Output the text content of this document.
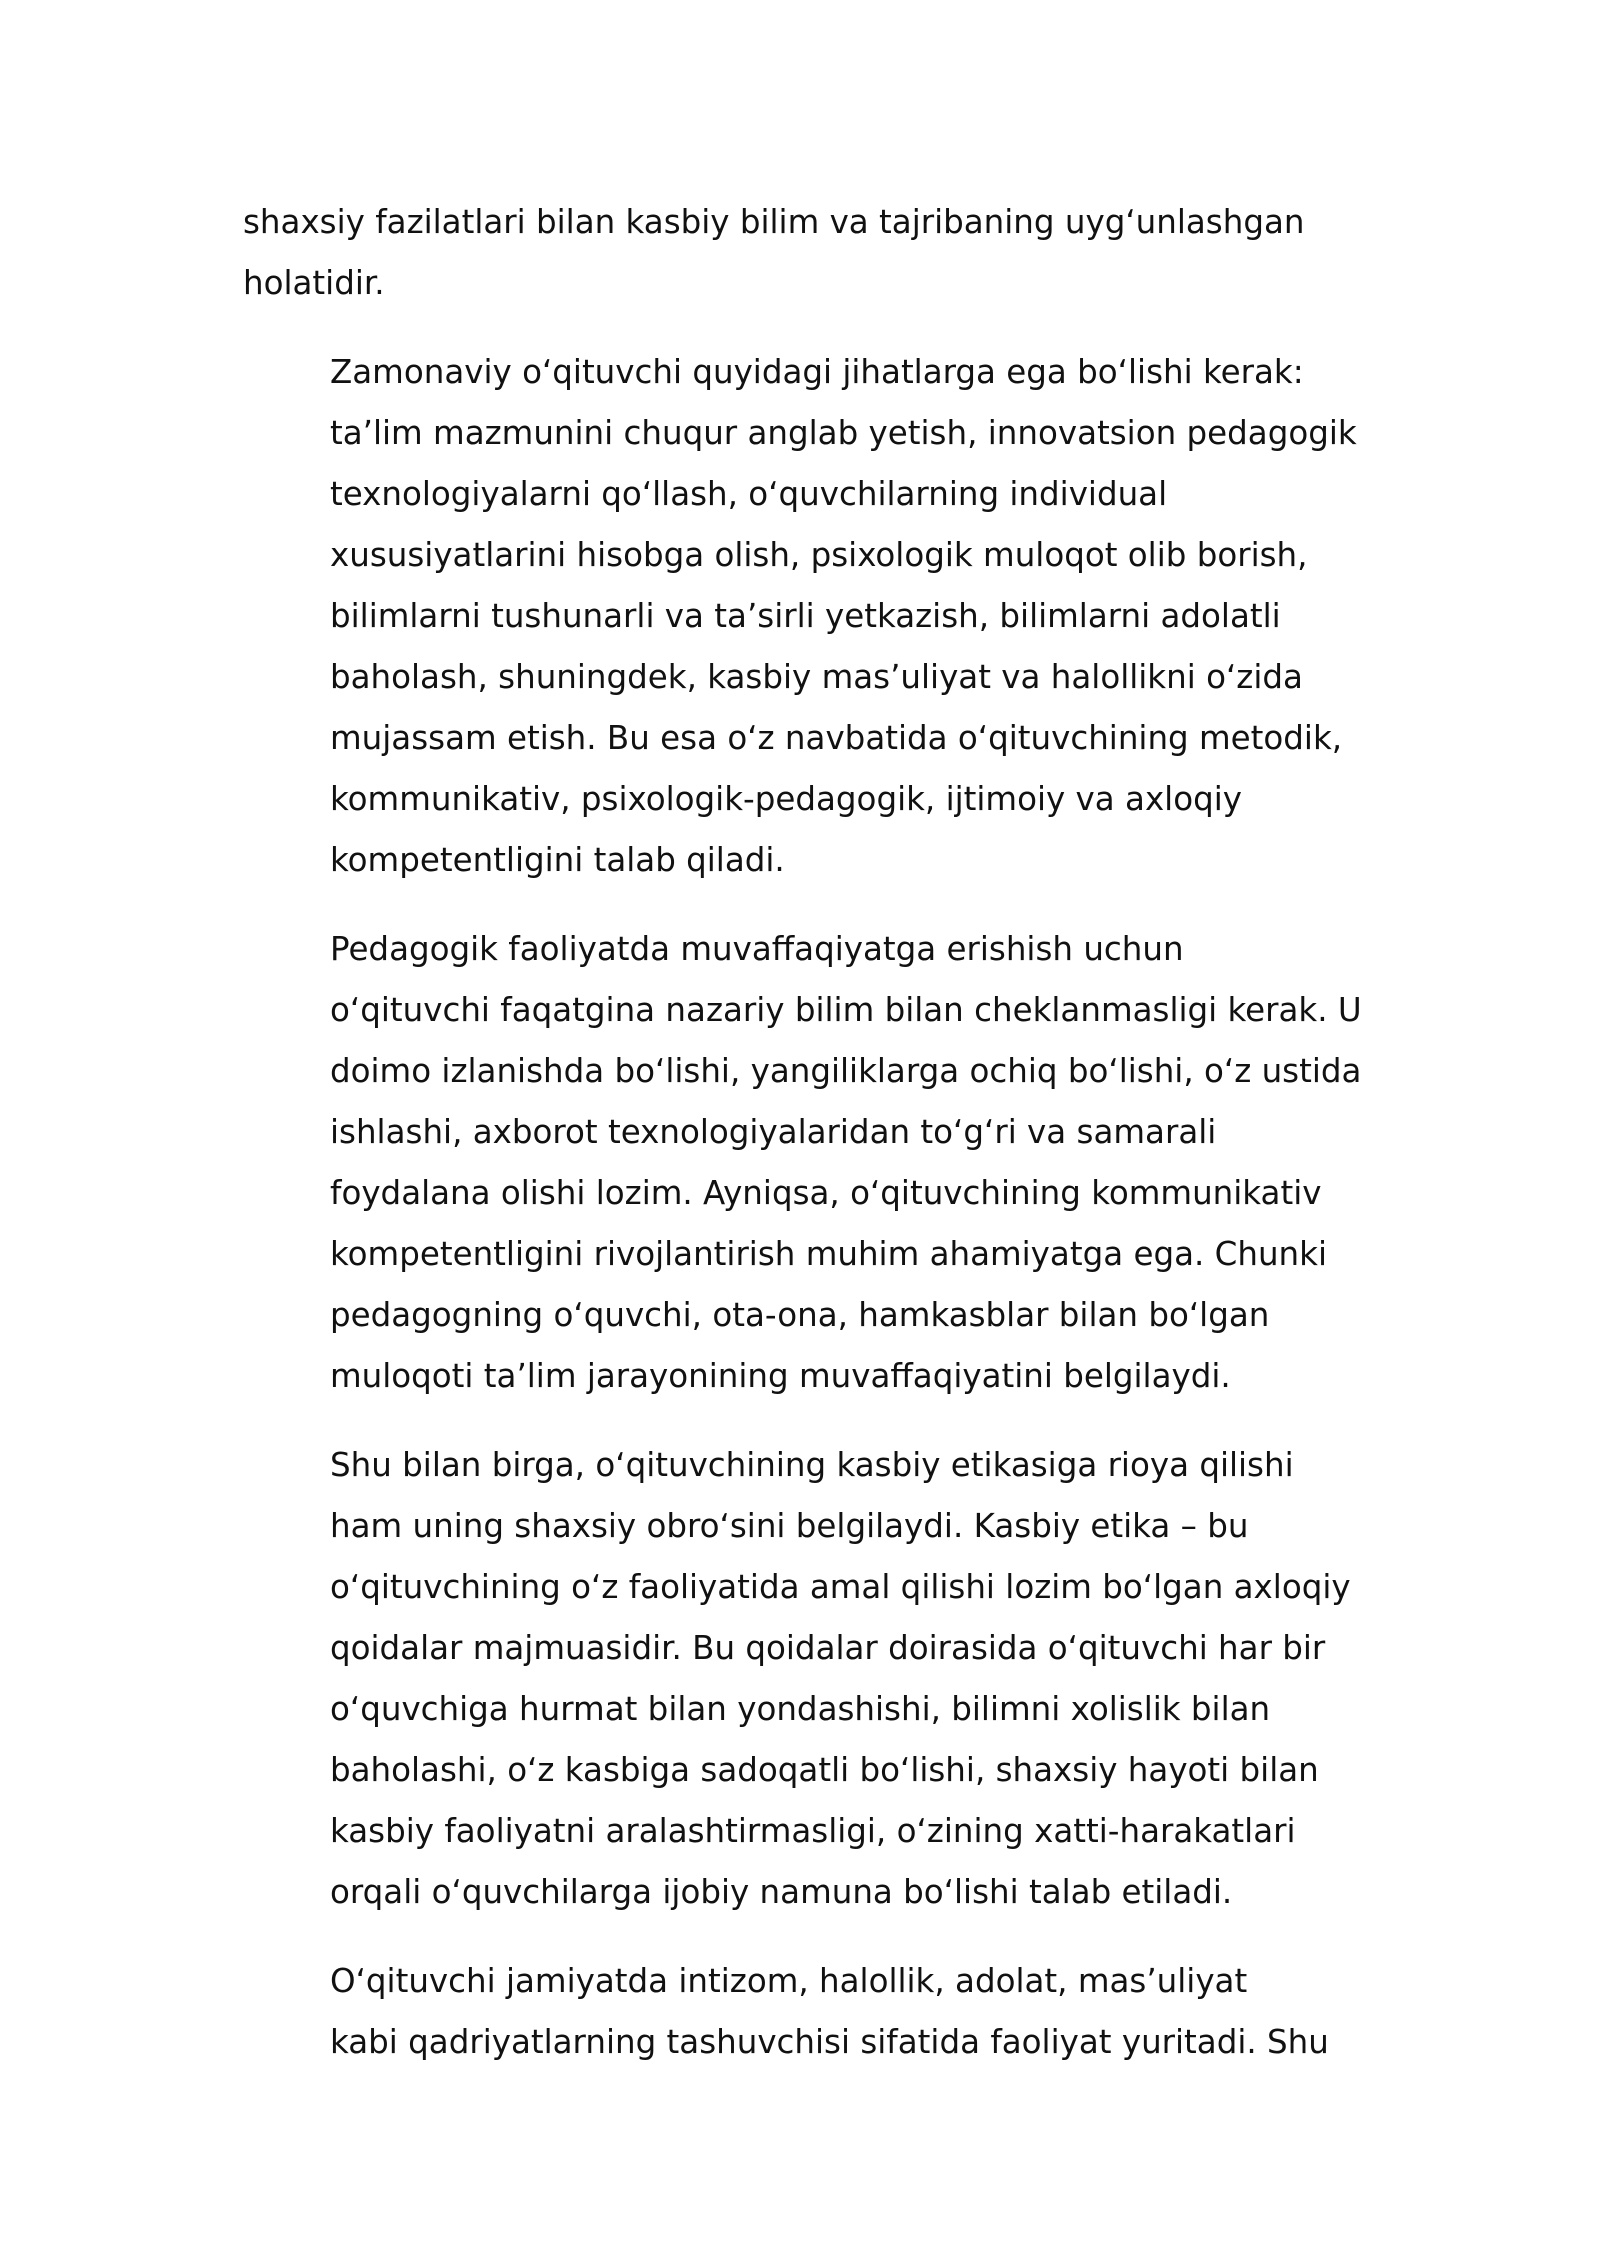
shaxsiy fazilatlari bilan kasbiy bilim va tajribaning uygʻunlashgan
holatidir.

Zamonaviy oʻqituvchi quyidagi jihatlarga ega boʻlishi kerak:
ta’lim mazmunini chuqur anglab yetish, innovatsion pedagogik
texnologiyalarni qoʻllash, oʻquvchilarning individual
xususiyatlarini hisobga olish, psixologik muloqot olib borish,
bilimlarni tushunarli va ta’sirli yetkazish, bilimlarni adolatli
baholash, shuningdek, kasbiy mas’uliyat va halollikni oʻzida
mujassam etish. Bu esa oʻz navbatida oʻqituvchining metodik,
kommunikativ, psixologik-pedagogik, ijtimoiy va axloqiy
kompetentligini talab qiladi.

Pedagogik faoliyatda muvaffaqiyatga erishish uchun
oʻqituvchi faqatgina nazariy bilim bilan cheklanmasligi kerak. U
doimo izlanishda boʻlishi, yangiliklarga ochiq boʻlishi, oʻz ustida
ishlashi, axborot texnologiyalaridan toʻgʻri va samarali
foydalana olishi lozim. Ayniqsa, oʻqituvchining kommunikativ
kompetentligini rivojlantirish muhim ahamiyatga ega. Chunki
pedagogning oʻquvchi, ota-ona, hamkasblar bilan boʻlgan
muloqoti ta’lim jarayonining muvaffaqiyatini belgilaydi.

Shu bilan birga, oʻqituvchining kasbiy etikasiga rioya qilishi
ham uning shaxsiy obroʻsini belgilaydi. Kasbiy etika – bu
oʻqituvchining oʻz faoliyatida amal qilishi lozim boʻlgan axloqiy
qoidalar majmuasidir. Bu qoidalar doirasida oʻqituvchi har bir
oʻquvchiga hurmat bilan yondashishi, bilimni xolislik bilan
baholashi, oʻz kasbiga sadoqatli boʻlishi, shaxsiy hayoti bilan
kasbiy faoliyatni aralashtirmasligi, oʻzining xatti-harakatlari
orqali oʻquvchilarga ijobiy namuna boʻlishi talab etiladi.

Oʻqituvchi jamiyatda intizom, halollik, adolat, mas’uliyat
kabi qadriyatlarning tashuvchisi sifatida faoliyat yuritadi. Shu
